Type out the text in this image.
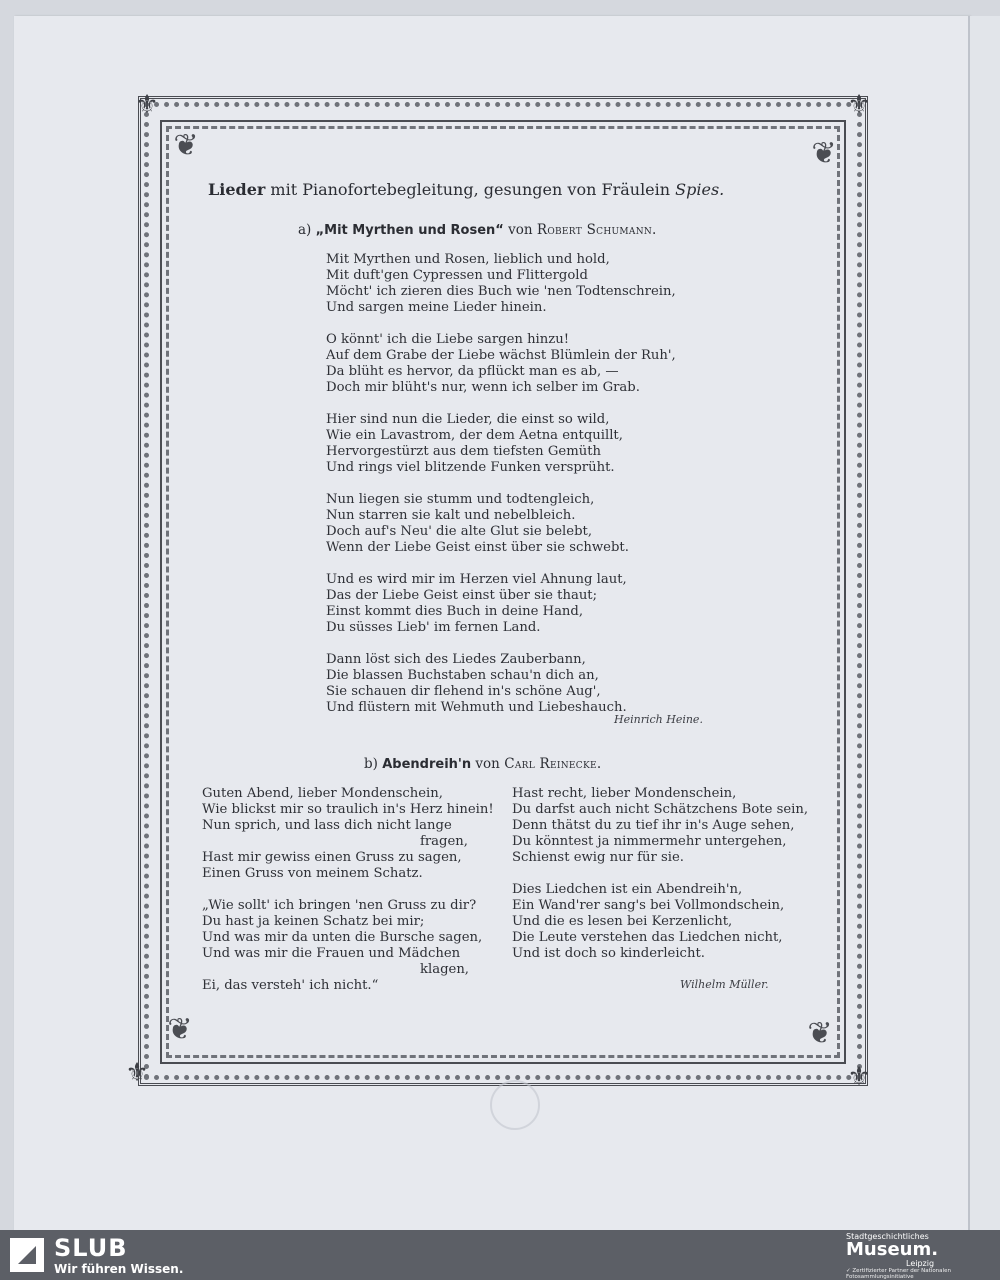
⚜	⚜
⚜	⚜
❦	❦
❦	❦
Lieder mit Pianofortebegleitung, gesungen von Fräulein Spies.
a) „Mit Myrthen und Rosen“ von Robert Schumann.
Mit Myrthen und Rosen, lieblich und hold,
Mit duft'gen Cypressen und Flittergold
Möcht' ich zieren dies Buch wie 'nen Todtenschrein,
Und sargen meine Lieder hinein.
O könnt' ich die Liebe sargen hinzu!
Auf dem Grabe der Liebe wächst Blümlein der Ruh',
Da blüht es hervor, da pflückt man es ab, —
Doch mir blüht's nur, wenn ich selber im Grab.
Hier sind nun die Lieder, die einst so wild,
Wie ein Lavastrom, der dem Aetna entquillt,
Hervorgestürzt aus dem tiefsten Gemüth
Und rings viel blitzende Funken versprüht.
Nun liegen sie stumm und todtengleich,
Nun starren sie kalt und nebelbleich.
Doch auf's Neu' die alte Glut sie belebt,
Wenn der Liebe Geist einst über sie schwebt.
Und es wird mir im Herzen viel Ahnung laut,
Das der Liebe Geist einst über sie thaut;
Einst kommt dies Buch in deine Hand,
Du süsses Lieb' im fernen Land.
Dann löst sich des Liedes Zauberbann,
Die blassen Buchstaben schau'n dich an,
Sie schauen dir flehend in's schöne Aug',
Und flüstern mit Wehmuth und Liebeshauch.
Heinrich Heine.
b) Abendreih'n von Carl Reinecke.
Guten Abend, lieber Mondenschein,
Wie blickst mir so traulich in's Herz hinein!
Nun sprich, und lass dich nicht lange
fragen,
Hast mir gewiss einen Gruss zu sagen,
Einen Gruss von meinem Schatz.
„Wie sollt' ich bringen 'nen Gruss zu dir?
Du hast ja keinen Schatz bei mir;
Und was mir da unten die Bursche sagen,
Und was mir die Frauen und Mädchen
klagen,
Ei, das versteh' ich nicht.“
Hast recht, lieber Mondenschein,
Du darfst auch nicht Schätzchens Bote sein,
Denn thätst du zu tief ihr in's Auge sehen,
Du könntest ja nimmermehr untergehen,
Schienst ewig nur für sie.
Dies Liedchen ist ein Abendreih'n,
Ein Wand'rer sang's bei Vollmondschein,
Und die es lesen bei Kerzenlicht,
Die Leute verstehen das Liedchen nicht,
Und ist doch so kinderleicht.
Wilhelm Müller.
SLUB
Wir führen Wissen.
Stadtgeschichtliches
Museum.
Leipzig
✓ Zertifizierter Partner der Nationalen Fotosammlungsinitiative
